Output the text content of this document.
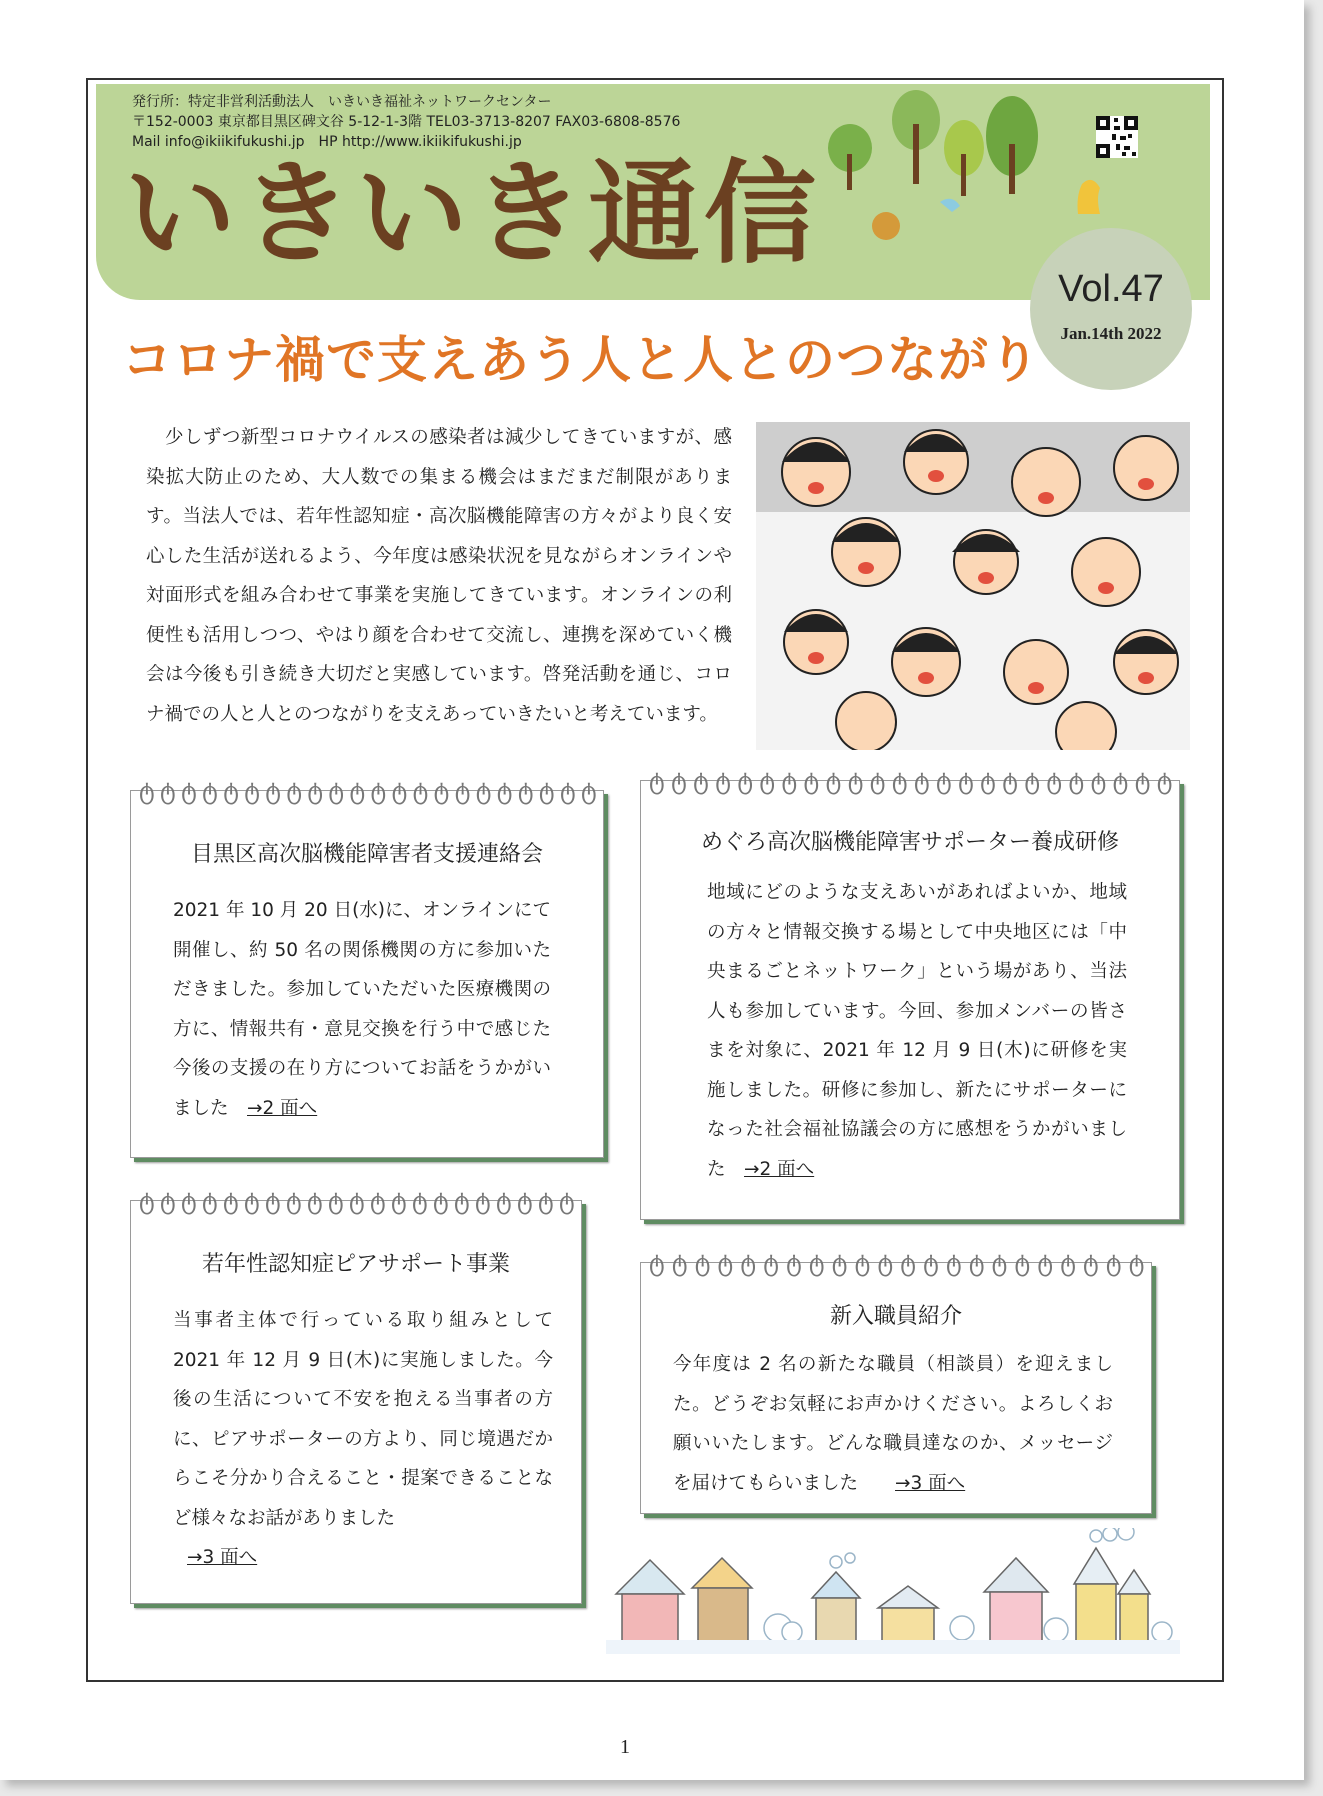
発行所：特定非営利活動法人　いきいき福祉ネットワークセンター
〒152-0003 東京都目黒区碑文谷 5-12-1-3階 TEL03-3713-8207 FAX03-6808-8576
Mail info@ikiikifukushi.jp　HP http://www.ikiikifukushi.jp
いきいき通信
Vol.47
Jan.14th 2022
コロナ禍で支えあう人と人とのつながり
　少しずつ新型コロナウイルスの感染者は減少してきていますが、感染拡大防止のため、大人数での集まる機会はまだまだ制限があります。当法人では、若年性認知症・高次脳機能障害の方々がより良く安心した生活が送れるよう、今年度は感染状況を見ながらオンラインや対面形式を組み合わせて事業を実施してきています。オンラインの利便性も活用しつつ、やはり顔を合わせて交流し、連携を深めていく機会は今後も引き続き大切だと実感しています。啓発活動を通じ、コロナ禍での人と人とのつながりを支えあっていきたいと考えています。
ტ ტ ტ ტ ტ ტ ტ ტ ტ ტ ტ ტ ტ ტ ტ ტ ტ ტ ტ ტ ტ ტ
目黒区高次脳機能障害者支援連絡会
2021 年 10 月 20 日(水)に、オンラインにて開催し、約 50 名の関係機関の方に参加いただきました。参加していただいた医療機関の方に、情報共有・意見交換を行う中で感じた今後の支援の在り方についてお話をうかがいました　→2 面へ
ტ ტ ტ ტ ტ ტ ტ ტ ტ ტ ტ ტ ტ ტ ტ ტ ტ ტ ტ ტ ტ ტ ტ ტ
めぐろ高次脳機能障害サポーター養成研修
地域にどのような支えあいがあればよいか、地域の方々と情報交換する場として中央地区には「中央まるごとネットワーク」という場があり、当法人も参加しています。今回、参加メンバーの皆さまを対象に、2021 年 12 月 9 日(木)に研修を実施しました。研修に参加し、新たにサポーターになった社会福祉協議会の方に感想をうかがいました　→2 面へ
ტ ტ ტ ტ ტ ტ ტ ტ ტ ტ ტ ტ ტ ტ ტ ტ ტ ტ ტ ტ ტ
若年性認知症ピアサポート事業
当事者主体で行っている取り組みとして2021 年 12 月 9 日(木)に実施しました。今後の生活について不安を抱える当事者の方に、ピアサポーターの方より、同じ境遇だからこそ分かり合えること・提案できることなど様々なお話がありました
→3 面へ
ტ ტ ტ ტ ტ ტ ტ ტ ტ ტ ტ ტ ტ ტ ტ ტ ტ ტ ტ ტ ტ ტ
新入職員紹介
今年度は 2 名の新たな職員（相談員）を迎えました。どうぞお気軽にお声かけください。よろしくお願いいたします。どんな職員達なのか、メッセージを届けてもらいました　　→3 面へ
1
